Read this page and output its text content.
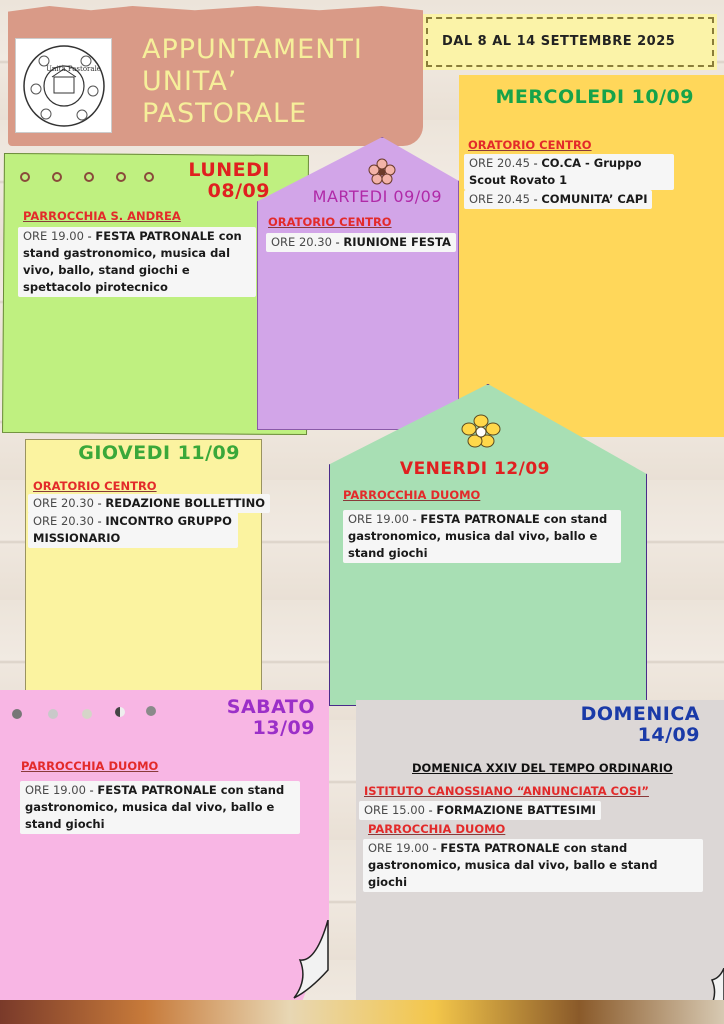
Unità Pastorale
APPUNTAMENTI
UNITA’
PASTORALE
DAL 8 AL 14 SETTEMBRE 2025
MERCOLEDI 10/09
ORATORIO CENTRO
ORE 20.45 - CO.CA - Gruppo Scout Rovato 1
ORE 20.45 - COMUNITA’ CAPI
LUNEDI
08/09
PARROCCHIA S. ANDREA
ORE 19.00 - FESTA PATRONALE con stand gastronomico, musica dal vivo, ballo, stand giochi e spettacolo pirotecnico
MARTEDI 09/09
ORATORIO CENTRO
ORE 20.30 - RIUNIONE FESTA
GIOVEDI 11/09
ORATORIO CENTRO
ORE 20.30 - REDAZIONE BOLLETTINO
ORE 20.30 - INCONTRO GRUPPO MISSIONARIO
VENERDI 12/09
PARROCCHIA DUOMO
ORE 19.00 - FESTA PATRONALE con stand gastronomico, musica dal vivo, ballo e stand giochi
SABATO
13/09
PARROCCHIA DUOMO
ORE 19.00 - FESTA PATRONALE con stand gastronomico, musica dal vivo, ballo e stand giochi
DOMENICA
14/09
DOMENICA XXIV DEL TEMPO ORDINARIO
ISTITUTO CANOSSIANO “ANNUNCIATA COSI”
ORE 15.00 - FORMAZIONE BATTESIMI
PARROCCHIA DUOMO
ORE 19.00 - FESTA PATRONALE con stand gastronomico, musica dal vivo, ballo e stand giochi
